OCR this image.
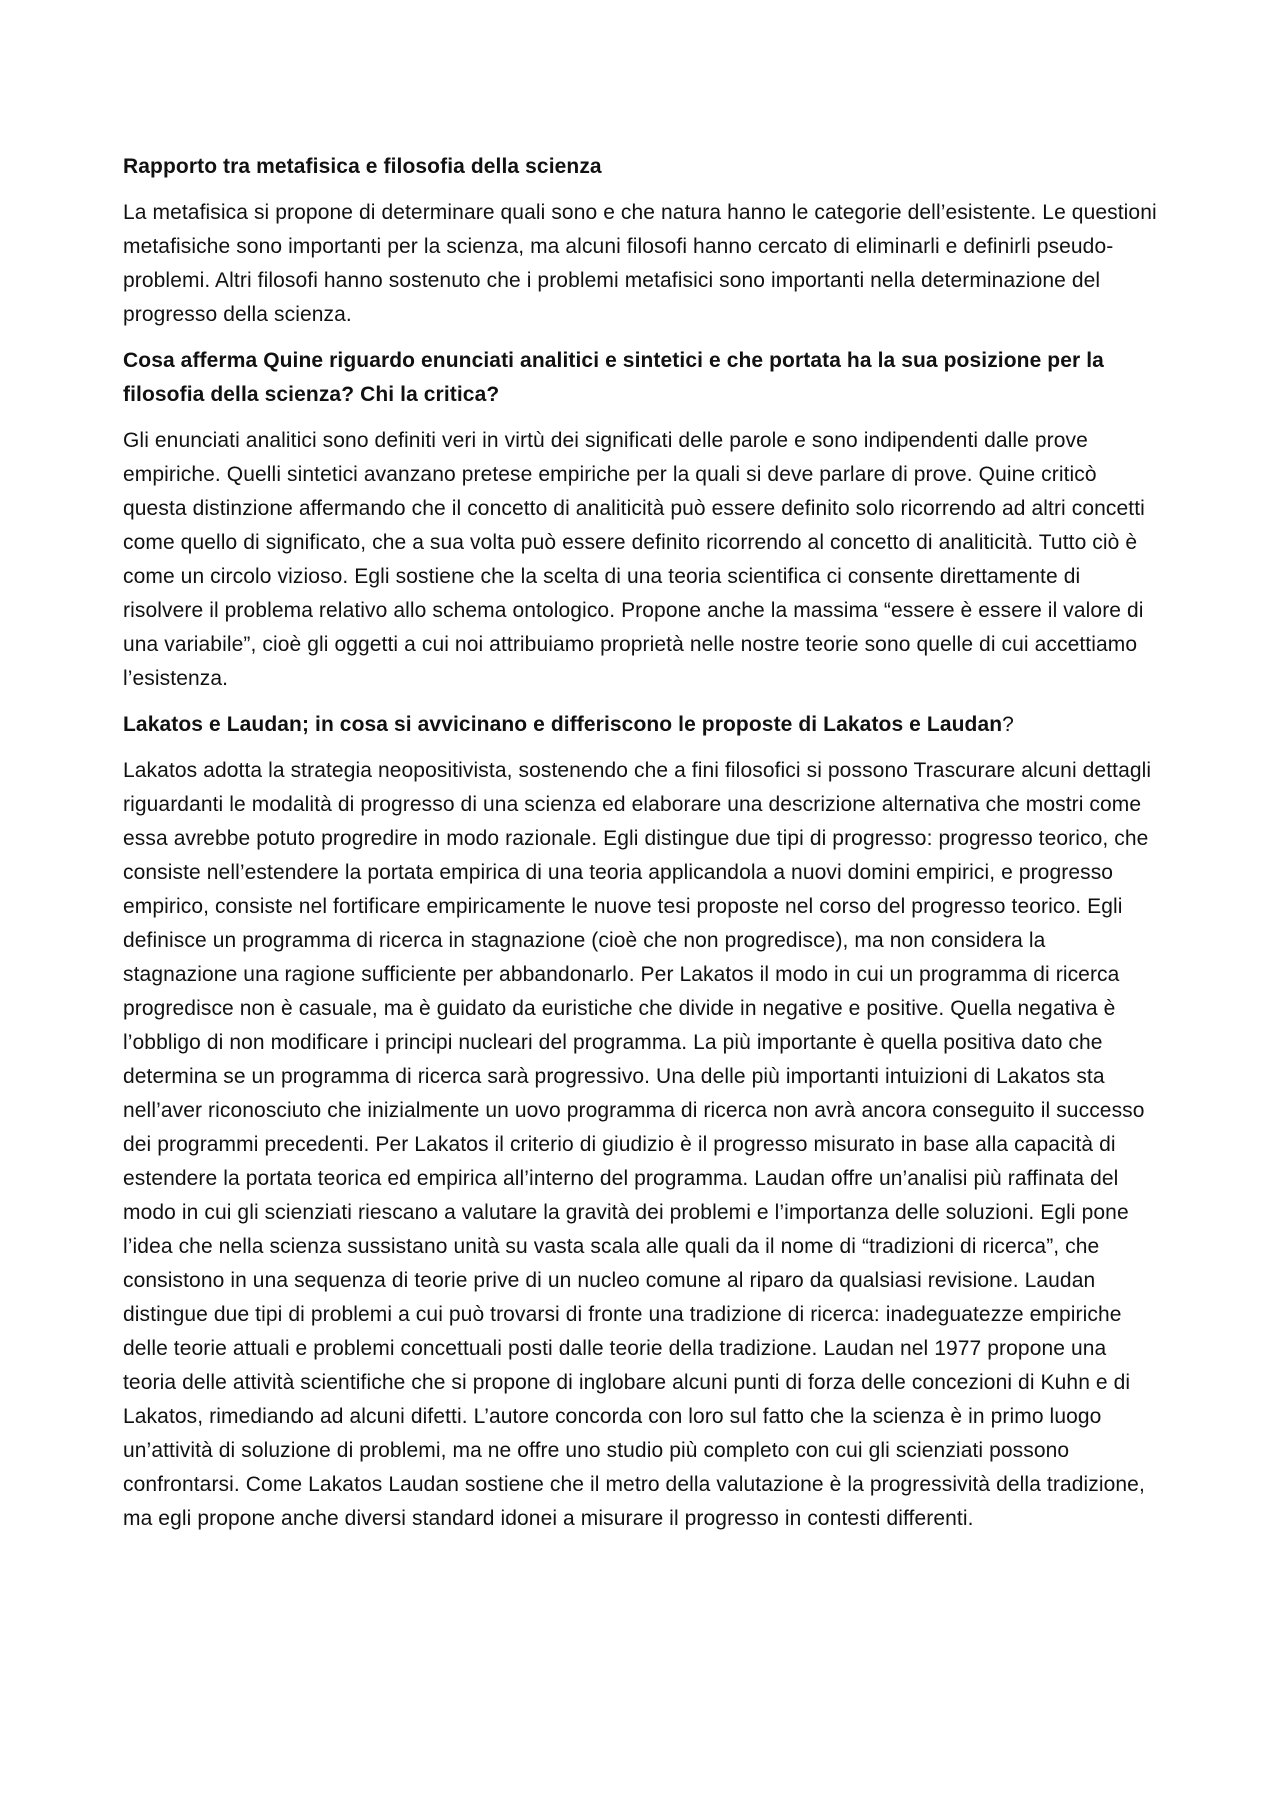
Rapporto tra metafisica e filosofia della scienza

La metafisica si propone di determinare quali sono e che natura hanno le categorie dell’esistente. Le questioni metafisiche sono importanti per la scienza, ma alcuni filosofi hanno cercato di eliminarli e definirli pseudo-problemi. Altri filosofi hanno sostenuto che i problemi metafisici sono importanti nella determinazione del progresso della scienza.

Cosa afferma Quine riguardo enunciati analitici e sintetici e che portata ha la sua posizione per la filosofia della scienza? Chi la critica?

Gli enunciati analitici sono definiti veri in virtù dei significati delle parole e sono indipendenti dalle prove empiriche. Quelli sintetici avanzano pretese empiriche per la quali si deve parlare di prove. Quine criticò questa distinzione affermando che il concetto di analiticità può essere definito solo ricorrendo ad altri concetti come quello di significato, che a sua volta può essere definito ricorrendo al concetto di analiticità. Tutto ciò è come un circolo vizioso. Egli sostiene che la scelta di una teoria scientifica ci consente direttamente di risolvere il problema relativo allo schema ontologico. Propone anche la massima “essere è essere il valore di una variabile”, cioè gli oggetti a cui noi attribuiamo proprietà nelle nostre teorie sono quelle di cui accettiamo l’esistenza.

Lakatos e Laudan; in cosa si avvicinano e differiscono le proposte di Lakatos e Laudan?

Lakatos adotta la strategia neopositivista, sostenendo che a fini filosofici si possono Trascurare alcuni dettagli riguardanti le modalità di progresso di una scienza ed elaborare una descrizione alternativa che mostri come essa avrebbe potuto progredire in modo razionale. Egli distingue due tipi di progresso: progresso teorico, che consiste nell’estendere la portata empirica di una teoria applicandola a nuovi domini empirici, e progresso empirico, consiste nel fortificare empiricamente le nuove tesi proposte nel corso del progresso teorico. Egli definisce un programma di ricerca in stagnazione (cioè che non progredisce), ma non considera la stagnazione una ragione sufficiente per abbandonarlo. Per Lakatos il modo in cui un programma di ricerca progredisce non è casuale, ma è guidato da euristiche che divide in negative e positive. Quella negativa è l’obbligo di non modificare i principi nucleari del programma. La più importante è quella positiva dato che determina se un programma di ricerca sarà progressivo. Una delle più importanti intuizioni di Lakatos sta nell’aver riconosciuto che inizialmente un uovo programma di ricerca non avrà ancora conseguito il successo dei programmi precedenti. Per Lakatos il criterio di giudizio è il progresso misurato in base alla capacità di estendere la portata teorica ed empirica all’interno del programma. Laudan offre un’analisi più raffinata del modo in cui gli scienziati riescano a valutare la gravità dei problemi e l’importanza delle soluzioni. Egli pone l’idea che nella scienza sussistano unità su vasta scala alle quali da il nome di “tradizioni di ricerca”, che consistono in una sequenza di teorie prive di un nucleo comune al riparo da qualsiasi revisione. Laudan distingue due tipi di problemi a cui può trovarsi di fronte una tradizione di ricerca: inadeguatezze empiriche delle teorie attuali e problemi concettuali posti dalle teorie della tradizione. Laudan nel 1977 propone una teoria delle attività scientifiche che si propone di inglobare alcuni punti di forza delle concezioni di Kuhn e di Lakatos, rimediando ad alcuni difetti. L’autore concorda con loro sul fatto che la scienza è in primo luogo un’attività di soluzione di problemi, ma ne offre uno studio più completo con cui gli scienziati possono confrontarsi. Come Lakatos Laudan sostiene che il metro della valutazione è la progressività della tradizione, ma egli propone anche diversi standard idonei a misurare il progresso in contesti differenti.
